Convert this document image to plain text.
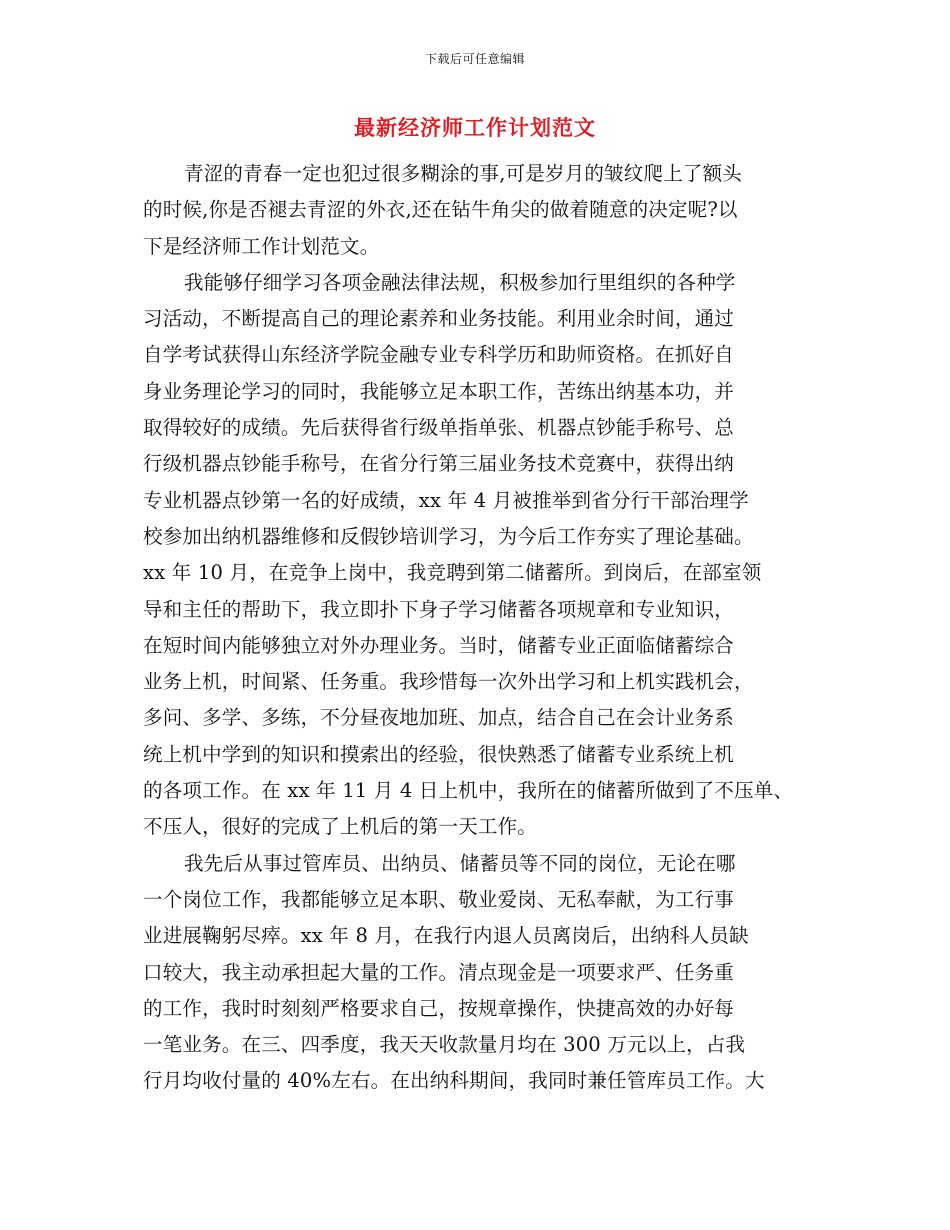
下载后可任意编辑
最新经济师工作计划范文
青涩的青春一定也犯过很多糊涂的事,可是岁月的皱纹爬上了额头
的时候,你是否褪去青涩的外衣,还在钻牛角尖的做着随意的决定呢?以
下是经济师工作计划范文。
我能够仔细学习各项金融法律法规，积极参加行里组织的各种学
习活动，不断提高自己的理论素养和业务技能。利用业余时间，通过
自学考试获得山东经济学院金融专业专科学历和助师资格。在抓好自
身业务理论学习的同时，我能够立足本职工作，苦练出纳基本功，并
取得较好的成绩。先后获得省行级单指单张、机器点钞能手称号、总
行级机器点钞能手称号，在省分行第三届业务技术竞赛中，获得出纳
专业机器点钞第一名的好成绩，xx 年 4 月被推举到省分行干部治理学
校参加出纳机器维修和反假钞培训学习，为今后工作夯实了理论基础。
xx 年 10 月，在竞争上岗中，我竞聘到第二储蓄所。到岗后，在部室领
导和主任的帮助下，我立即扑下身子学习储蓄各项规章和专业知识，
在短时间内能够独立对外办理业务。当时，储蓄专业正面临储蓄综合
业务上机，时间紧、任务重。我珍惜每一次外出学习和上机实践机会，
多问、多学、多练，不分昼夜地加班、加点，结合自己在会计业务系
统上机中学到的知识和摸索出的经验，很快熟悉了储蓄专业系统上机
的各项工作。在 xx 年 11 月 4 日上机中，我所在的储蓄所做到了不压单、
不压人，很好的完成了上机后的第一天工作。
我先后从事过管库员、出纳员、储蓄员等不同的岗位，无论在哪
一个岗位工作，我都能够立足本职、敬业爱岗、无私奉献，为工行事
业进展鞠躬尽瘁。xx 年 8 月，在我行内退人员离岗后，出纳科人员缺
口较大，我主动承担起大量的工作。清点现金是一项要求严、任务重
的工作，我时时刻刻严格要求自己，按规章操作，快捷高效的办好每
一笔业务。在三、四季度，我天天收款量月均在 300 万元以上，占我
行月均收付量的 40%左右。在出纳科期间，我同时兼任管库员工作。大
